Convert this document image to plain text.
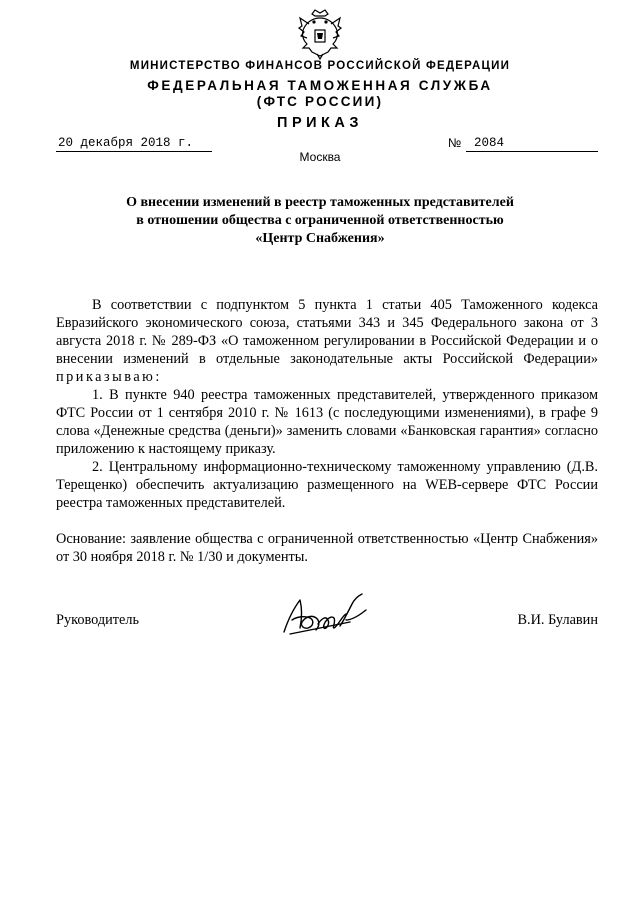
МИНИСТЕРСТВО ФИНАНСОВ РОССИЙСКОЙ ФЕДЕРАЦИИ
ФЕДЕРАЛЬНАЯ ТАМОЖЕННАЯ СЛУЖБА
(ФТС РОССИИ)
ПРИКАЗ
20 декабря 2018 г.	№	2084
Москва
О внесении изменений в реестр таможенных представителей
в отношении общества с ограниченной ответственностью
«Центр Снабжения»

В соответствии с подпунктом 5 пункта 1 статьи 405 Таможенного кодекса Евразийского экономического союза, статьями 343 и 345 Федерального закона от 3 августа 2018 г. № 289-ФЗ «О таможенном регулировании в Российской Федерации и о внесении изменений в отдельные законодательные акты Российской Федерации» приказываю:

1. В пункте 940 реестра таможенных представителей, утвержденного приказом ФТС России от 1 сентября 2010 г. № 1613 (с последующими изменениями), в графе 9 слова «Денежные средства (деньги)» заменить словами «Банковская гарантия» согласно приложению к настоящему приказу.

2. Центральному информационно-техническому таможенному управлению (Д.В. Терещенко) обеспечить актуализацию размещенного на WEB-сервере ФТС России реестра таможенных представителей.

Основание: заявление общества с ограниченной ответственностью «Центр Снабжения» от 30 ноября 2018 г. № 1/30 и документы.

Руководитель	В.И. Булавин
